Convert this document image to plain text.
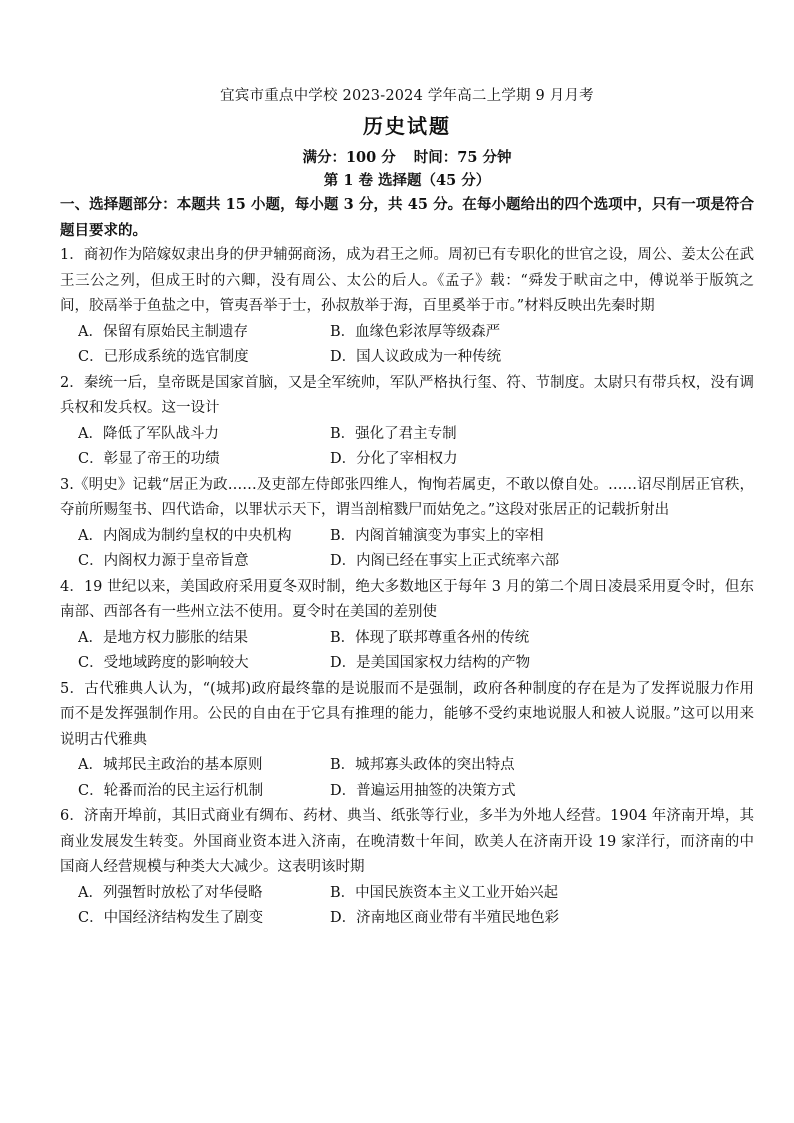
宜宾市重点中学校 2023-2024 学年高二上学期 9 月月考
历史试题
满分：100 分 时间：75 分钟
第 1 卷 选择题（45 分）
一、选择题部分：本题共 15 小题，每小题 3 分，共 45 分。在每小题给出的四个选项中，只有一项是符合题目要求的。
1．商初作为陪嫁奴隶出身的伊尹辅弼商汤，成为君王之师。周初已有专职化的世官之设，周公、姜太公在武王三公之列，但成王时的六卿，没有周公、太公的后人。《孟子》载：“舜发于畎亩之中，傅说举于版筑之间，胶鬲举于鱼盐之中，管夷吾举于士，孙叔敖举于海，百里奚举于市。”材料反映出先秦时期
A．保留有原始民主制遗存	B．血缘色彩浓厚等级森严
C．已形成系统的选官制度	D．国人议政成为一种传统
2．秦统一后，皇帝既是国家首脑，又是全军统帅，军队严格执行玺、符、节制度。太尉只有带兵权，没有调兵权和发兵权。这一设计
A．降低了军队战斗力	B．强化了君主专制
C．彰显了帝王的功绩	D．分化了宰相权力
3.《明史》记载“居正为政……及吏部左侍郎张四维人，恂恂若属吏，不敢以僚自处。……诏尽削居正官秩，夺前所赐玺书、四代诰命，以罪状示天下，谓当剖棺戮尸而姑免之。”这段对张居正的记载折射出
A．内阁成为制约皇权的中央机构	B．内阁首辅演变为事实上的宰相
C．内阁权力源于皇帝旨意	D．内阁已经在事实上正式统率六部
4．19 世纪以来，美国政府采用夏冬双时制，绝大多数地区于每年 3 月的第二个周日凌晨采用夏令时，但东南部、西部各有一些州立法不使用。夏令时在美国的差别使
A．是地方权力膨胀的结果	B．体现了联邦尊重各州的传统
C．受地域跨度的影响较大	D．是美国国家权力结构的产物
5．古代雅典人认为，“(城邦)政府最终靠的是说服而不是强制，政府各种制度的存在是为了发挥说服力作用而不是发挥强制作用。公民的自由在于它具有推理的能力，能够不受约束地说服人和被人说服。”这可以用来说明古代雅典
A．城邦民主政治的基本原则	B．城邦寡头政体的突出特点
C．轮番而治的民主运行机制	D．普遍运用抽签的决策方式
6．济南开埠前，其旧式商业有绸布、药材、典当、纸张等行业，多半为外地人经营。1904 年济南开埠，其商业发展发生转变。外国商业资本进入济南，在晚清数十年间，欧美人在济南开设 19 家洋行，而济南的中国商人经营规模与种类大大减少。这表明该时期
A．列强暂时放松了对华侵略	B．中国民族资本主义工业开始兴起
C．中国经济结构发生了剧变	D．济南地区商业带有半殖民地色彩
